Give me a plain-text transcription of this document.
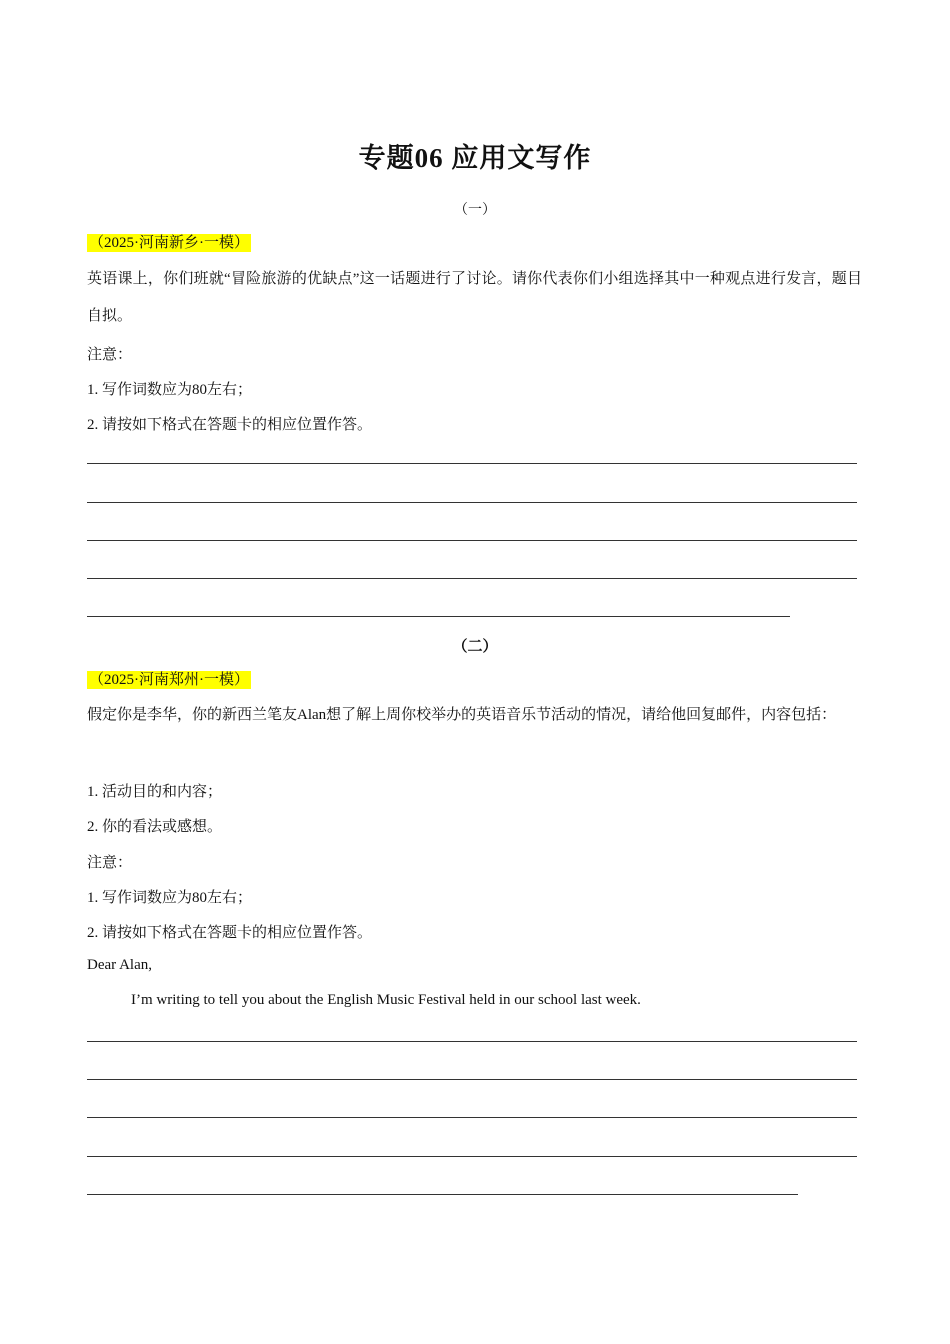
专题06 应用文写作
（一）
（2025·河南新乡·一模）
英语课上，你们班就“冒险旅游的优缺点”这一话题进行了讨论。请你代表你们小组选择其中一种观点进行发言，题目自拟。
注意：
1. 写作词数应为80左右；
2. 请按如下格式在答题卡的相应位置作答。
（二）
（2025·河南郑州·一模）
假定你是李华，你的新西兰笔友Alan想了解上周你校举办的英语音乐节活动的情况，请给他回复邮件，内容包括：
1. 活动目的和内容；
2. 你的看法或感想。
注意：
1. 写作词数应为80左右；
2. 请按如下格式在答题卡的相应位置作答。
Dear Alan,
I’m writing to tell you about the English Music Festival held in our school last week.
